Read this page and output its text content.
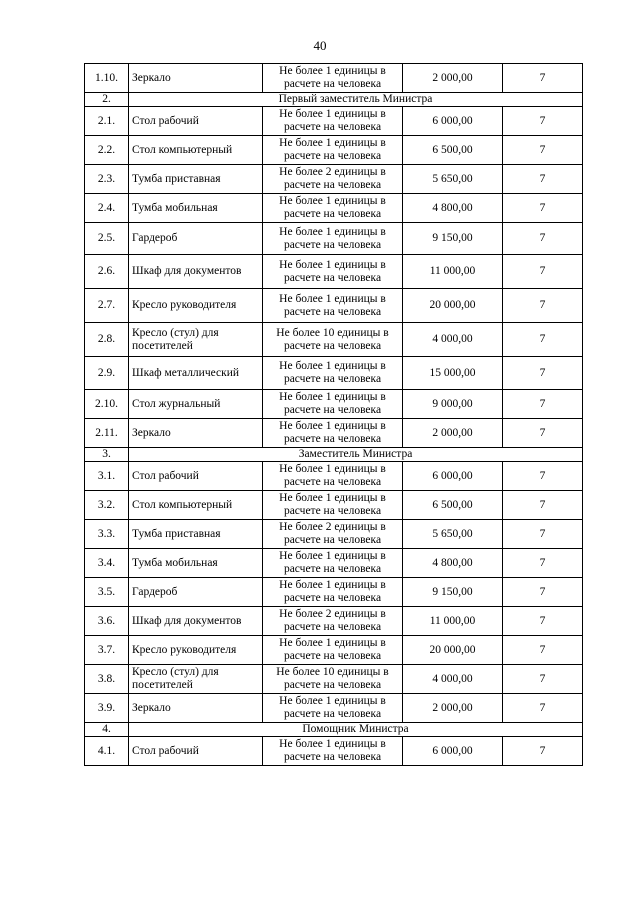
40
1.10.	Зеркало	Не более 1 единицы в расчете на человека	2 000,00	7
2.	Первый заместитель Министра			
2.1.	Стол рабочий	Не более 1 единицы в расчете на человека	6 000,00	7
2.2.	Стол компьютерный	Не более 1 единицы в расчете на человека	6 500,00	7
2.3.	Тумба приставная	Не более 2 единицы в расчете на человека	5 650,00	7
2.4.	Тумба мобильная	Не более 1 единицы в расчете на человека	4 800,00	7
2.5.	Гардероб	Не более 1 единицы в расчете на человека	9 150,00	7
2.6.	Шкаф для документов	Не более 1 единицы в расчете на человека	11 000,00	7
2.7.	Кресло руководителя	Не более 1 единицы в расчете на человека	20 000,00	7
2.8.	Кресло (стул) для посетителей	Не более 10 единицы в расчете на человека	4 000,00	7
2.9.	Шкаф металлический	Не более 1 единицы в расчете на человека	15 000,00	7
2.10.	Стол журнальный	Не более 1 единицы в расчете на человека	9 000,00	7
2.11.	Зеркало	Не более 1 единицы в расчете на человека	2 000,00	7
3.	Заместитель Министра			
3.1.	Стол рабочий	Не более 1 единицы в расчете на человека	6 000,00	7
3.2.	Стол компьютерный	Не более 1 единицы в расчете на человека	6 500,00	7
3.3.	Тумба приставная	Не более 2 единицы в расчете на человека	5 650,00	7
3.4.	Тумба мобильная	Не более 1 единицы в расчете на человека	4 800,00	7
3.5.	Гардероб	Не более 1 единицы в расчете на человека	9 150,00	7
3.6.	Шкаф для документов	Не более 2 единицы в расчете на человека	11 000,00	7
3.7.	Кресло руководителя	Не более 1 единицы в расчете на человека	20 000,00	7
3.8.	Кресло (стул) для посетителей	Не более 10 единицы в расчете на человека	4 000,00	7
3.9.	Зеркало	Не более 1 единицы в расчете на человека	2 000,00	7
4.	Помощник Министра			
4.1.	Стол рабочий	Не более 1 единицы в расчете на человека	6 000,00	7
